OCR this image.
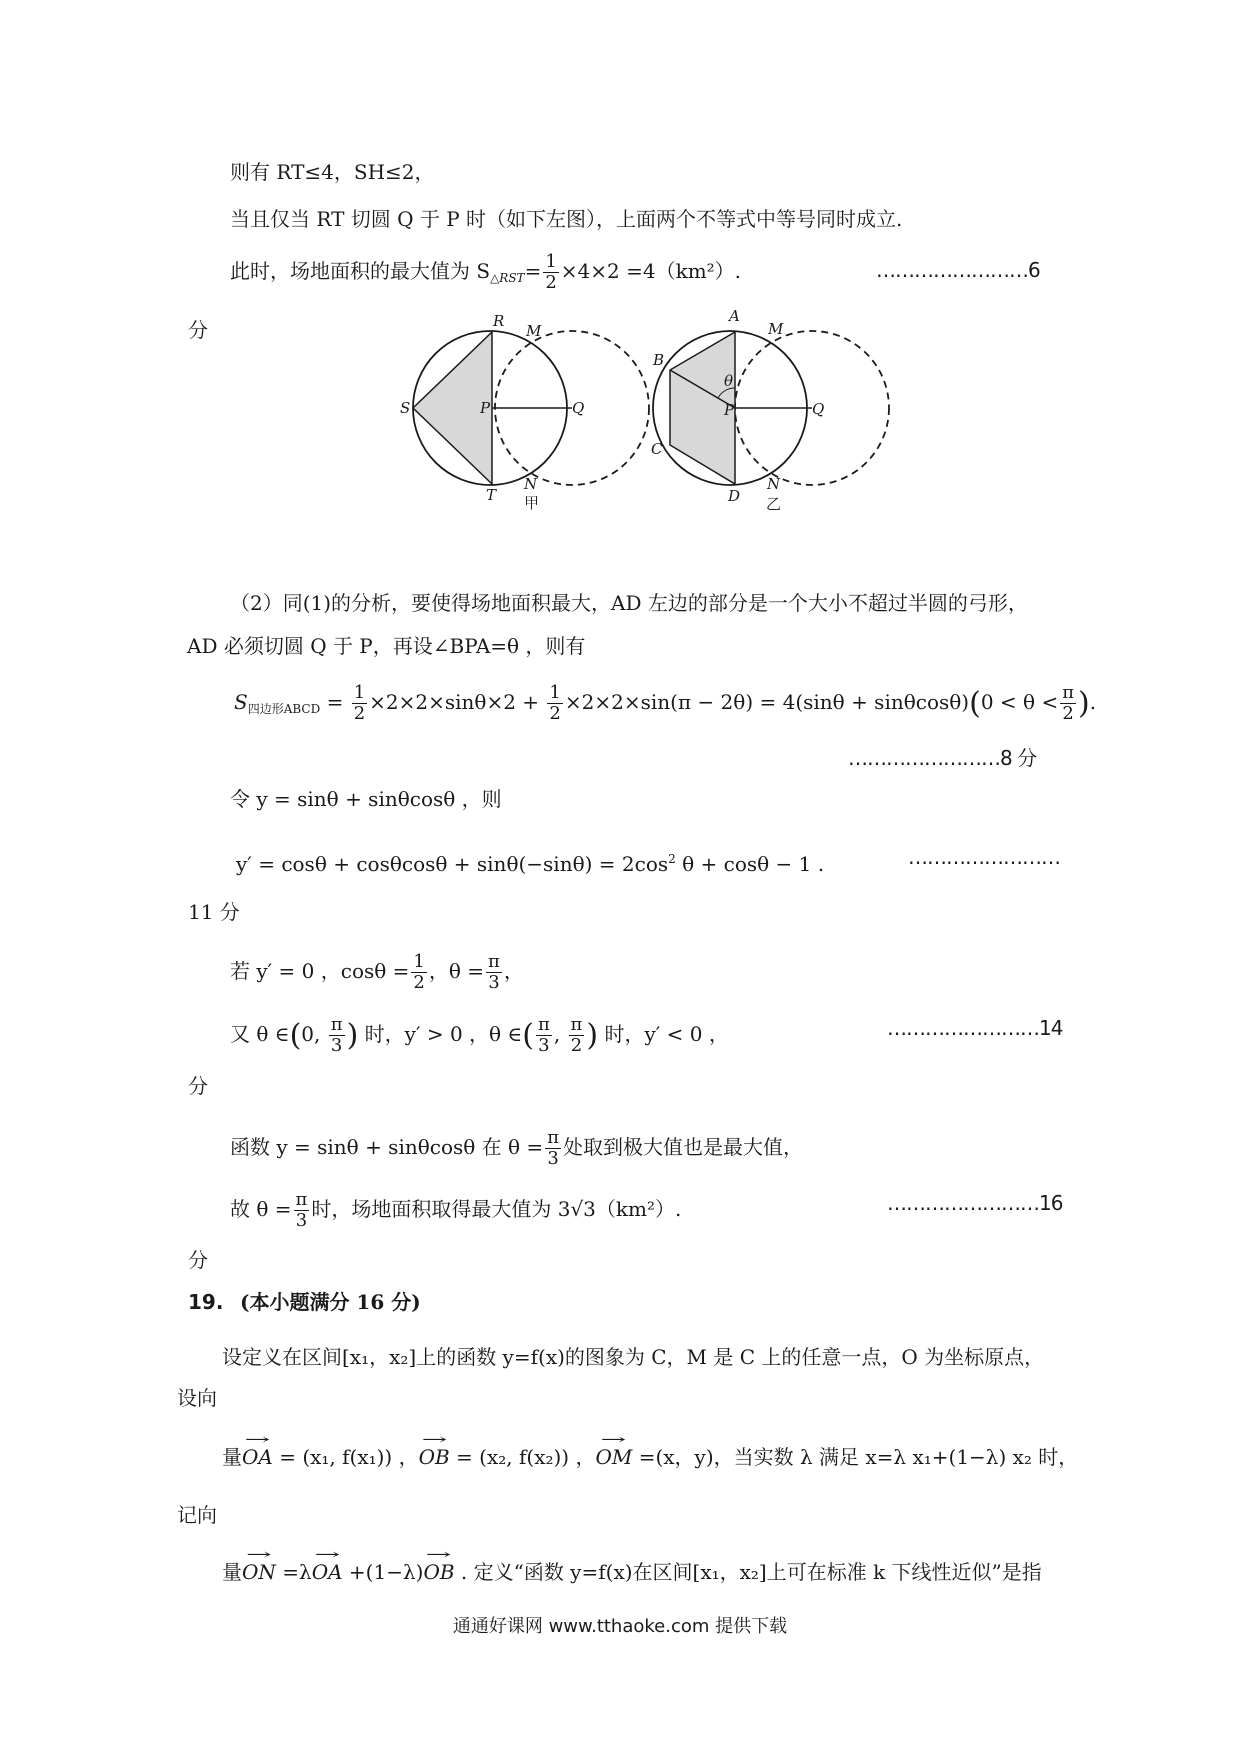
则有 RT≤4，SH≤2，
当且仅当 RT 切圆 Q 于 P 时（如下左图），上面两个不等式中等号同时成立.
此时，场地面积的最大值为 $S_{\triangle RST}= \frac{1}{2} \times 4\times 2 =4(km^2)$.	……………………6
分	R
M
S	P	Q
T
N
甲
A
M
B
θ
P	Q
C
D
N
乙
（2）同(1)的分析，要使得场地面积最大，AD 左边的部分是一个大小不超过半圆的弓形，
AD 必须切圆 Q 于 P，再设∠BPA=θ ，则有
$S_{四边形ABCD} = \frac{1}{2} \times 2\times 2\times\sin\theta\times 2 + \frac{1}{2} \times 2\times 2\times\sin(\pi - 2\theta) = 4(\sin\theta + \sin\theta\cos\theta)(0 < \theta < \frac{\pi}{2}$ ).
……………………8 分
令 y = sinθ + sinθcosθ ，则
$y' = \cos\theta + \cos\theta\cos\theta + \sin\theta(-\sin\theta) = 2\cos^2$ θ + cosθ − 1 .	……………………
11 分
若 y′ = 0 ，$\cos\theta = \frac{1}{2}$ ，$\theta = \frac{\pi}{3}$ ，
又 θ ∈(0, $\frac{\pi}{3}$ ) 时，y′ > 0 ，θ ∈( $\frac{\pi}{3}$ , $\frac{\pi}{2}$ ) 时，y′ < 0 ，	……………………14
分
函数 y = sinθ + sinθcosθ 在 $\theta = \frac{\pi}{3}$ 处取到极大值也是最大值，
故 $\theta = \frac{\pi}{3}$ 时，场地面积取得最大值为 3√3（km²）.	……………………16
分
19. (本小题满分 16 分)
设定义在区间[x₁，x₂]上的函数 y=f(x)的图象为 C，M 是 C 上的任意一点，O 为坐标原点，
设向
量→ OA = (x₁, f(x₁)) ，→ OB = (x₂, f(x₂)) ，→ OM =(x，y)，当实数 λ 满足 x=λ x₁+(1−λ) x₂ 时，
记向
量→ ON =λ→ OA +(1−λ)→ OB . 定义“函数 y=f(x)在区间[x₁，x₂]上可在标准 k 下线性近似”是指
通通好课网 www.tthaoke.com 提供下载
